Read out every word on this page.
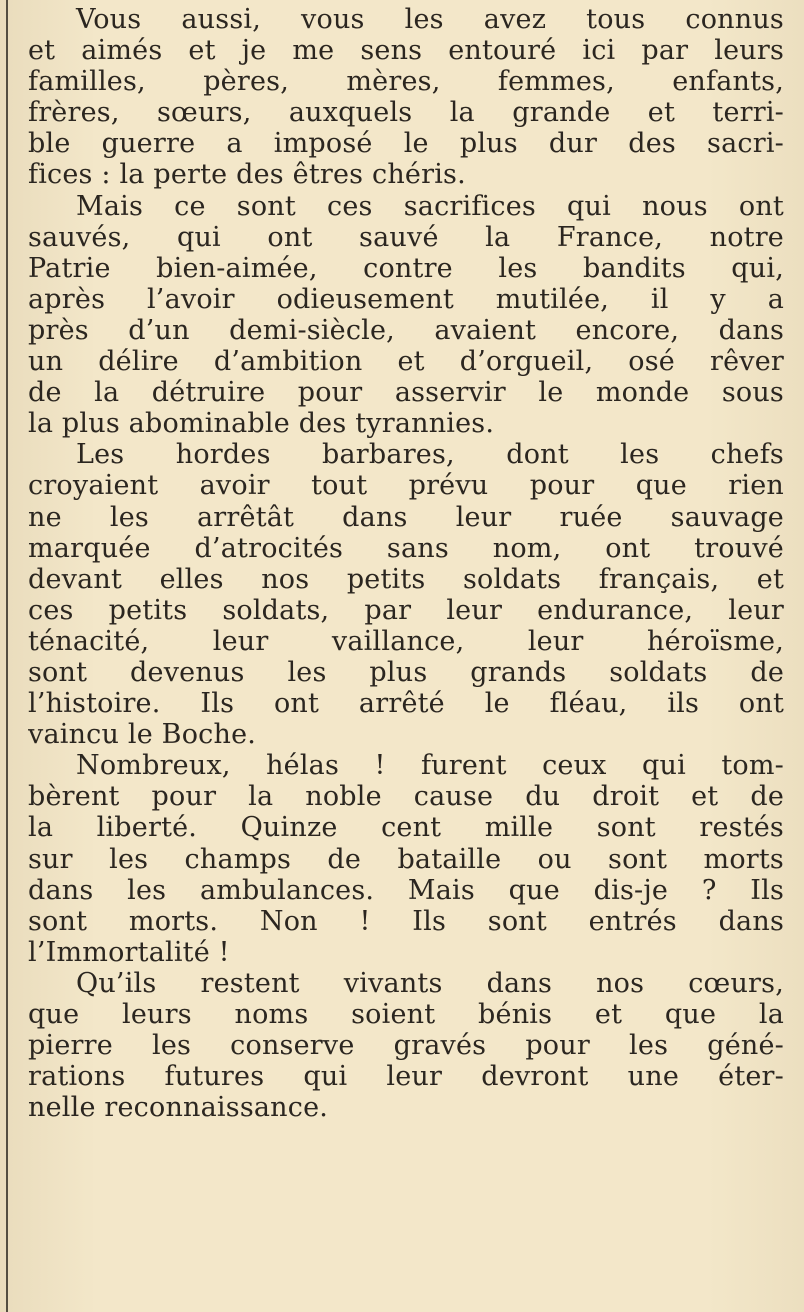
Vous aussi, vous les avez tous connus
et aimés et je me sens entouré ici par leurs
familles, pères, mères, femmes, enfants,
frères, sœurs, auxquels la grande et terri-
ble guerre a imposé le plus dur des sacri-
fices : la perte des êtres chéris.
Mais ce sont ces sacrifices qui nous ont
sauvés, qui ont sauvé la France, notre
Patrie bien-aimée, contre les bandits qui,
après l’avoir odieusement mutilée, il y a
près d’un demi-siècle, avaient encore, dans
un délire d’ambition et d’orgueil, osé rêver
de la détruire pour asservir le monde sous
la plus abominable des tyrannies.
Les hordes barbares, dont les chefs
croyaient avoir tout prévu pour que rien
ne les arrêtât dans leur ruée sauvage
marquée d’atrocités sans nom, ont trouvé
devant elles nos petits soldats français, et
ces petits soldats, par leur endurance, leur
ténacité, leur vaillance, leur héroïsme,
sont devenus les plus grands soldats de
l’histoire. Ils ont arrêté le fléau, ils ont
vaincu le Boche.
Nombreux, hélas ! furent ceux qui tom-
bèrent pour la noble cause du droit et de
la liberté. Quinze cent mille sont restés
sur les champs de bataille ou sont morts
dans les ambulances. Mais que dis-je ? Ils
sont morts. Non ! Ils sont entrés dans
l’Immortalité !
Qu’ils restent vivants dans nos cœurs,
que leurs noms soient bénis et que la
pierre les conserve gravés pour les géné-
rations futures qui leur devront une éter-
nelle reconnaissance.
